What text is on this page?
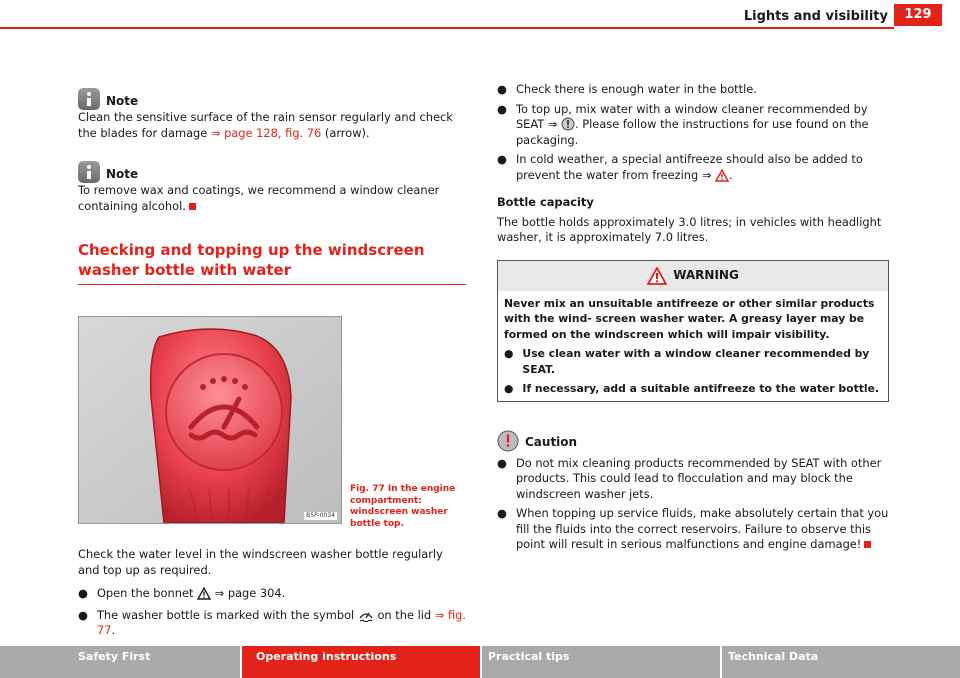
Lights and visibility	129
Note

Clean the sensitive surface of the rain sensor regularly and check the blades for damage ⇒ page 128, fig. 76 (arrow).

Note

To remove wax and coatings, we recommend a window cleaner containing alcohol.

Checking and topping up the windscreen washer bottle with water
B5P-0034
Fig. 77 In the engine compartment: windscreen washer bottle top.

Check the water level in the windscreen washer bottle regularly and top up as required.

● Open the bonnet  ⇒ page 304.
● The washer bottle is marked with the symbol  on the lid ⇒ fig. 77.
● Check there is enough water in the bottle.
● To top up, mix water with a window cleaner recommended by SEAT ⇒ . Please follow the instructions for use found on the packaging.
● In cold weather, a special antifreeze should also be added to prevent the water from freezing ⇒ .

Bottle capacity

The bottle holds approximately 3.0 litres; in vehicles with headlight washer, it is approximately 7.0 litres.

WARNING

Never mix an unsuitable antifreeze or other similar products with the wind- screen washer water. A greasy layer may be formed on the windscreen which will impair visibility.

● Use clean water with a window cleaner recommended by SEAT.
● If necessary, add a suitable antifreeze to the water bottle.
Caution
● Do not mix cleaning products recommended by SEAT with other products. This could lead to flocculation and may block the windscreen washer jets.
● When topping up service fluids, make absolutely certain that you fill the fluids into the correct reservoirs. Failure to observe this point will result in serious malfunctions and engine damage!
Safety First	Operating instructions	Practical tips	Technical Data
